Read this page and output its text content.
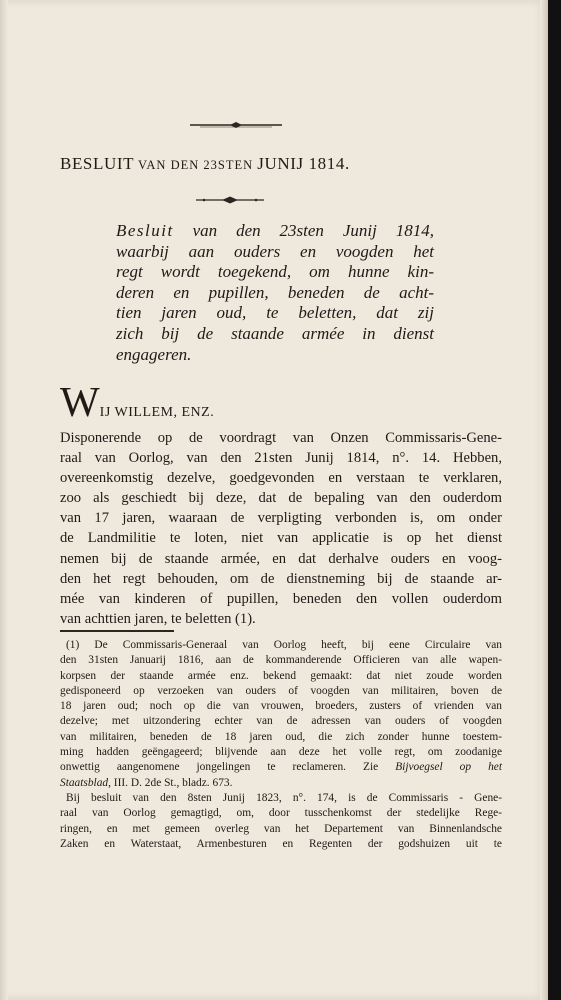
BESLUIT VAN DEN 23STEN JUNIJ 1814.
Besluit van den 23sten Junij 1814,
waarbij aan ouders en voogden het
regt wordt toegekend, om hunne kin-
deren en pupillen, beneden de acht-
tien jaren oud, te beletten, dat zij
zich bij de staande armée in dienst
engageren.
WIJ WILLEM, ENZ.
Disponerende op de voordragt van Onzen Commissaris-Gene-
raal van Oorlog, van den 21sten Junij 1814, n°. 14. Hebben,
overeenkomstig dezelve, goedgevonden en verstaan te verklaren,
zoo als geschiedt bij deze, dat de bepaling van den ouderdom
van 17 jaren, waaraan de verpligting verbonden is, om onder
de Landmilitie te loten, niet van applicatie is op het dienst
nemen bij de staande armée, en dat derhalve ouders en voog-
den het regt behouden, om de dienstneming bij de staande ar-
mée van kinderen of pupillen, beneden den vollen ouderdom
van achttien jaren, te beletten (1).
(1) De Commissaris-Generaal van Oorlog heeft, bij eene Circulaire van
den 31sten Januarij 1816, aan de kommanderende Officieren van alle wapen-
korpsen der staande armée enz. bekend gemaakt: dat niet zoude worden
gedisponeerd op verzoeken van ouders of voogden van militairen, boven de
18 jaren oud; noch op die van vrouwen, broeders, zusters of vrienden van
dezelve; met uitzondering echter van de adressen van ouders of voogden
van militairen, beneden de 18 jaren oud, die zich zonder hunne toestem-
ming hadden geëngageerd; blijvende aan deze het volle regt, om zoodanige
onwettig aangenomene jongelingen te reclameren. Zie Bijvoegsel op het
Staatsblad, III. D. 2de St., bladz. 673.
Bij besluit van den 8sten Junij 1823, n°. 174, is de Commissaris - Gene-
raal van Oorlog gemagtigd, om, door tusschenkomst der stedelijke Rege-
ringen, en met gemeen overleg van het Departement van Binnenlandsche
Zaken en Waterstaat, Armenbesturen en Regenten der godshuizen uit te
